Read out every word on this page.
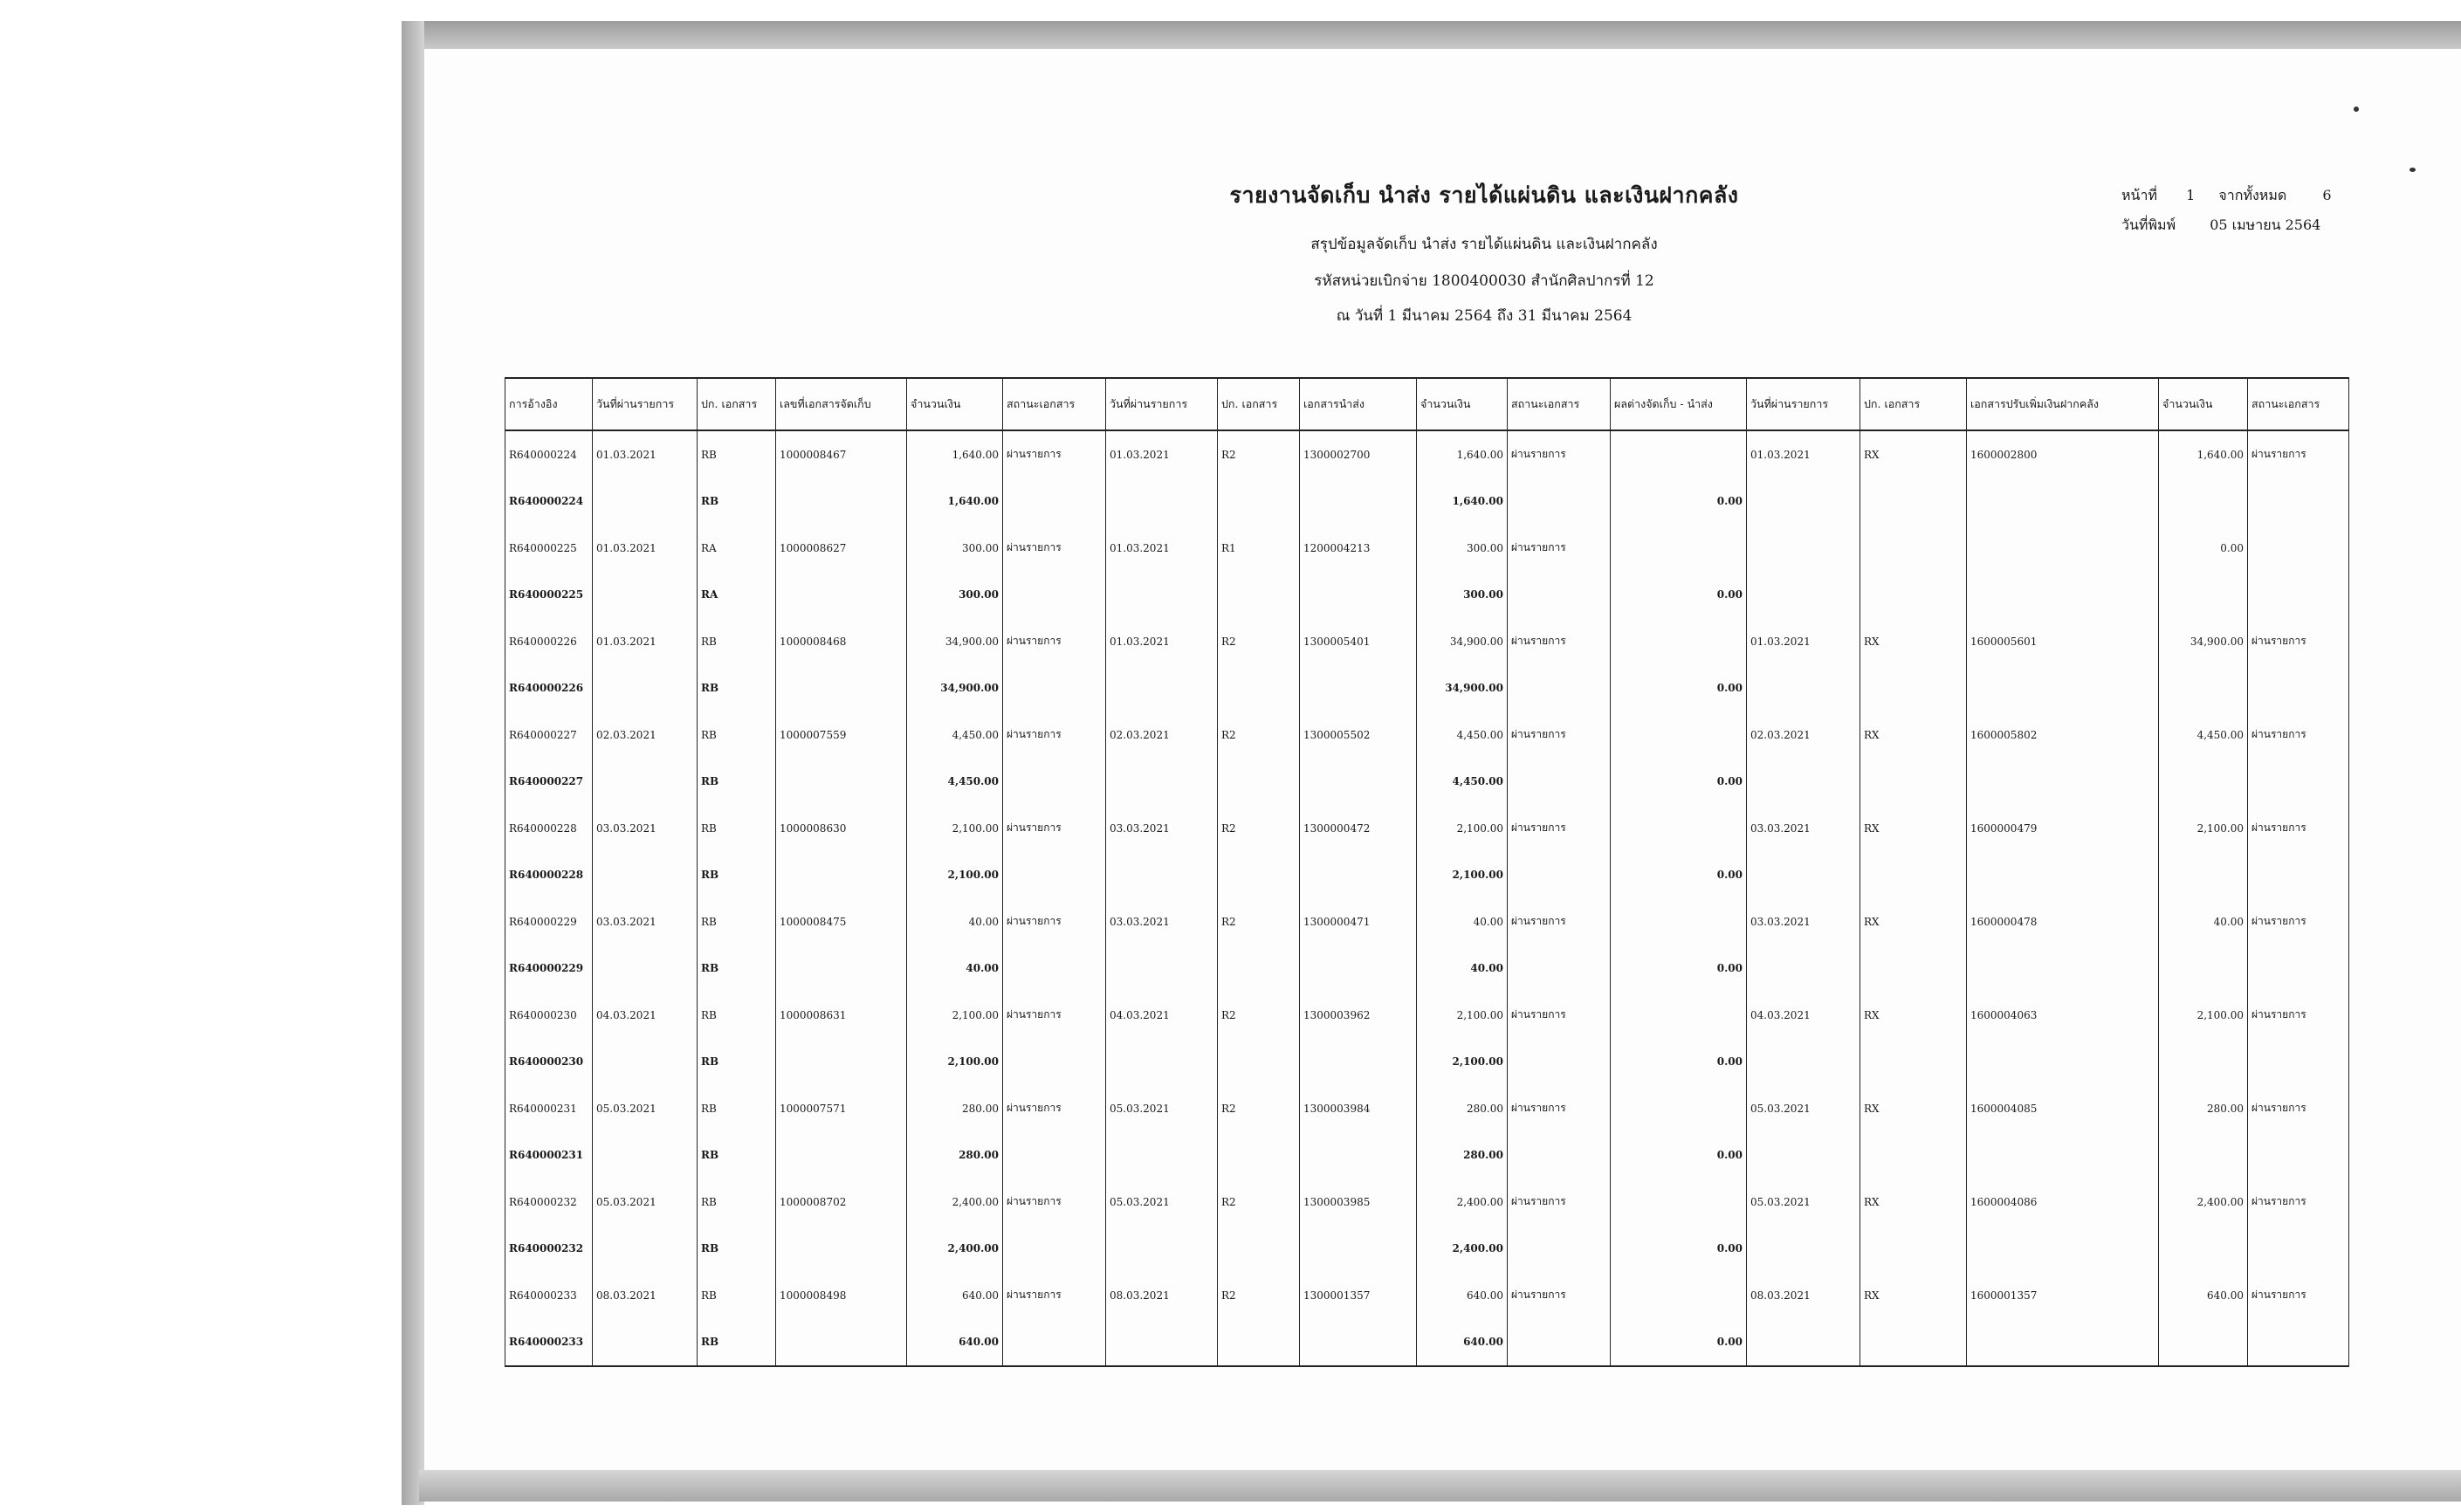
รายงานจัดเก็บ นำส่ง รายได้แผ่นดิน และเงินฝากคลัง
สรุปข้อมูลจัดเก็บ นำส่ง รายได้แผ่นดิน และเงินฝากคลัง
รหัสหน่วยเบิกจ่าย 1800400030 สำนักศิลปากรที่ 12
ณ วันที่ 1 มีนาคม 2564 ถึง 31 มีนาคม 2564
หน้าที่ 1 จากทั้งหมด	6
วันที่พิมพ์ 05 เมษายน 2564
การอ้างอิง	วันที่ผ่านรายการ	ปก. เอกสาร	เลขที่เอกสารจัดเก็บ	จำนวนเงิน	สถานะเอกสาร	วันที่ผ่านรายการ	ปก. เอกสาร	เอกสารนำส่ง	จำนวนเงิน	สถานะเอกสาร	ผลต่างจัดเก็บ - นำส่ง	วันที่ผ่านรายการ	ปก. เอกสาร	เอกสารปรับเพิ่มเงินฝากคลัง	จำนวนเงิน	สถานะเอกสาร
R640000224	01.03.2021	RB	1000008467	1,640.00	ผ่านรายการ	01.03.2021	R2	1300002700	1,640.00	ผ่านรายการ		01.03.2021	RX	1600002800	1,640.00	ผ่านรายการ
R640000224		RB		1,640.00					1,640.00		0.00					
R640000225	01.03.2021	RA	1000008627	300.00	ผ่านรายการ	01.03.2021	R1	1200004213	300.00	ผ่านรายการ					0.00	
R640000225		RA		300.00					300.00		0.00					
R640000226	01.03.2021	RB	1000008468	34,900.00	ผ่านรายการ	01.03.2021	R2	1300005401	34,900.00	ผ่านรายการ		01.03.2021	RX	1600005601	34,900.00	ผ่านรายการ
R640000226		RB		34,900.00					34,900.00		0.00					
R640000227	02.03.2021	RB	1000007559	4,450.00	ผ่านรายการ	02.03.2021	R2	1300005502	4,450.00	ผ่านรายการ		02.03.2021	RX	1600005802	4,450.00	ผ่านรายการ
R640000227		RB		4,450.00					4,450.00		0.00					
R640000228	03.03.2021	RB	1000008630	2,100.00	ผ่านรายการ	03.03.2021	R2	1300000472	2,100.00	ผ่านรายการ		03.03.2021	RX	1600000479	2,100.00	ผ่านรายการ
R640000228		RB		2,100.00					2,100.00		0.00					
R640000229	03.03.2021	RB	1000008475	40.00	ผ่านรายการ	03.03.2021	R2	1300000471	40.00	ผ่านรายการ		03.03.2021	RX	1600000478	40.00	ผ่านรายการ
R640000229		RB		40.00					40.00		0.00					
R640000230	04.03.2021	RB	1000008631	2,100.00	ผ่านรายการ	04.03.2021	R2	1300003962	2,100.00	ผ่านรายการ		04.03.2021	RX	1600004063	2,100.00	ผ่านรายการ
R640000230		RB		2,100.00					2,100.00		0.00					
R640000231	05.03.2021	RB	1000007571	280.00	ผ่านรายการ	05.03.2021	R2	1300003984	280.00	ผ่านรายการ		05.03.2021	RX	1600004085	280.00	ผ่านรายการ
R640000231		RB		280.00					280.00		0.00					
R640000232	05.03.2021	RB	1000008702	2,400.00	ผ่านรายการ	05.03.2021	R2	1300003985	2,400.00	ผ่านรายการ		05.03.2021	RX	1600004086	2,400.00	ผ่านรายการ
R640000232		RB		2,400.00					2,400.00		0.00					
R640000233	08.03.2021	RB	1000008498	640.00	ผ่านรายการ	08.03.2021	R2	1300001357	640.00	ผ่านรายการ		08.03.2021	RX	1600001357	640.00	ผ่านรายการ
R640000233		RB		640.00					640.00		0.00					
